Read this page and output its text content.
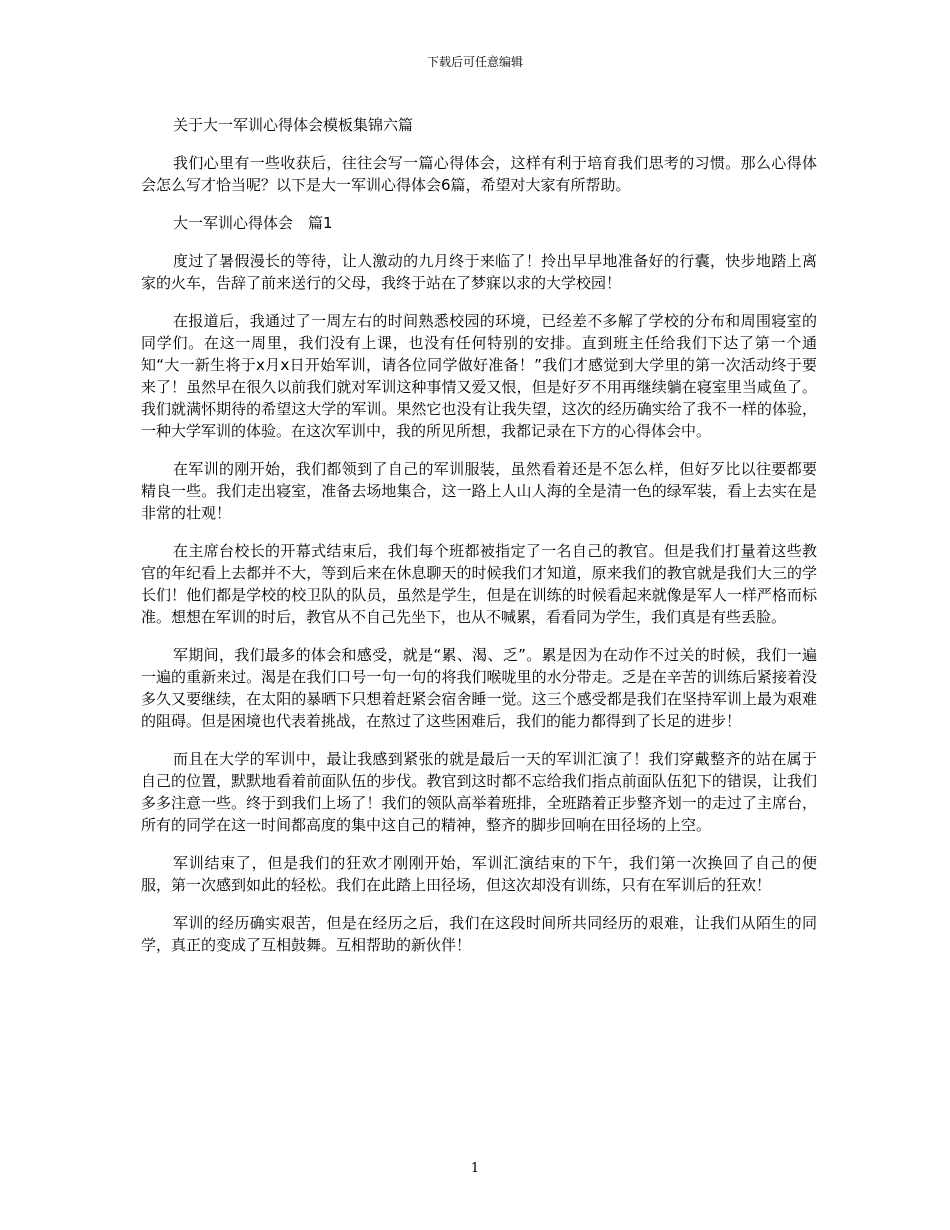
下载后可任意编辑

关于大一军训心得体会模板集锦六篇

我们心里有一些收获后，往往会写一篇心得体会，这样有利于培育我们思考的习惯。那么心得体会怎么写才恰当呢？以下是大一军训心得体会6篇，希望对大家有所帮助。

大一军训心得体会　篇1

度过了暑假漫长的等待，让人激动的九月终于来临了！拎出早早地准备好的行囊，快步地踏上离家的火车，告辞了前来送行的父母，我终于站在了梦寐以求的大学校园！

在报道后，我通过了一周左右的时间熟悉校园的环境，已经差不多解了学校的分布和周围寝室的同学们。在这一周里，我们没有上课，也没有任何特别的安排。直到班主任给我们下达了第一个通知“大一新生将于x月x日开始军训，请各位同学做好准备！”我们才感觉到大学里的第一次活动终于要来了！虽然早在很久以前我们就对军训这种事情又爱又恨，但是好歹不用再继续躺在寝室里当咸鱼了。我们就满怀期待的希望这大学的军训。果然它也没有让我失望，这次的经历确实给了我不一样的体验，一种大学军训的体验。在这次军训中，我的所见所想，我都记录在下方的心得体会中。

在军训的刚开始，我们都领到了自己的军训服装，虽然看着还是不怎么样，但好歹比以往要都要精良一些。我们走出寝室，准备去场地集合，这一路上人山人海的全是清一色的绿军装，看上去实在是非常的壮观！

在主席台校长的开幕式结束后，我们每个班都被指定了一名自己的教官。但是我们打量着这些教官的年纪看上去都并不大，等到后来在休息聊天的时候我们才知道，原来我们的教官就是我们大三的学长们！他们都是学校的校卫队的队员，虽然是学生，但是在训练的时候看起来就像是军人一样严格而标准。想想在军训的时后，教官从不自己先坐下，也从不喊累，看看同为学生，我们真是有些丢脸。

军期间，我们最多的体会和感受，就是“累、渴、乏”。累是因为在动作不过关的时候，我们一遍一遍的重新来过。渴是在我们口号一句一句的将我们喉咙里的水分带走。乏是在辛苦的训练后紧接着没多久又要继续，在太阳的暴晒下只想着赶紧会宿舍睡一觉。这三个感受都是我们在坚持军训上最为艰难的阻碍。但是困境也代表着挑战，在熬过了这些困难后，我们的能力都得到了长足的进步！

而且在大学的军训中，最让我感到紧张的就是最后一天的军训汇演了！我们穿戴整齐的站在属于自己的位置，默默地看着前面队伍的步伐。教官到这时都不忘给我们指点前面队伍犯下的错误，让我们多多注意一些。终于到我们上场了！我们的领队高举着班排，全班踏着正步整齐划一的走过了主席台，所有的同学在这一时间都高度的集中这自己的精神，整齐的脚步回响在田径场的上空。

军训结束了，但是我们的狂欢才刚刚开始，军训汇演结束的下午，我们第一次换回了自己的便服，第一次感到如此的轻松。我们在此踏上田径场，但这次却没有训练，只有在军训后的狂欢！

军训的经历确实艰苦，但是在经历之后，我们在这段时间所共同经历的艰难，让我们从陌生的同学，真正的变成了互相鼓舞。互相帮助的新伙伴！

1
